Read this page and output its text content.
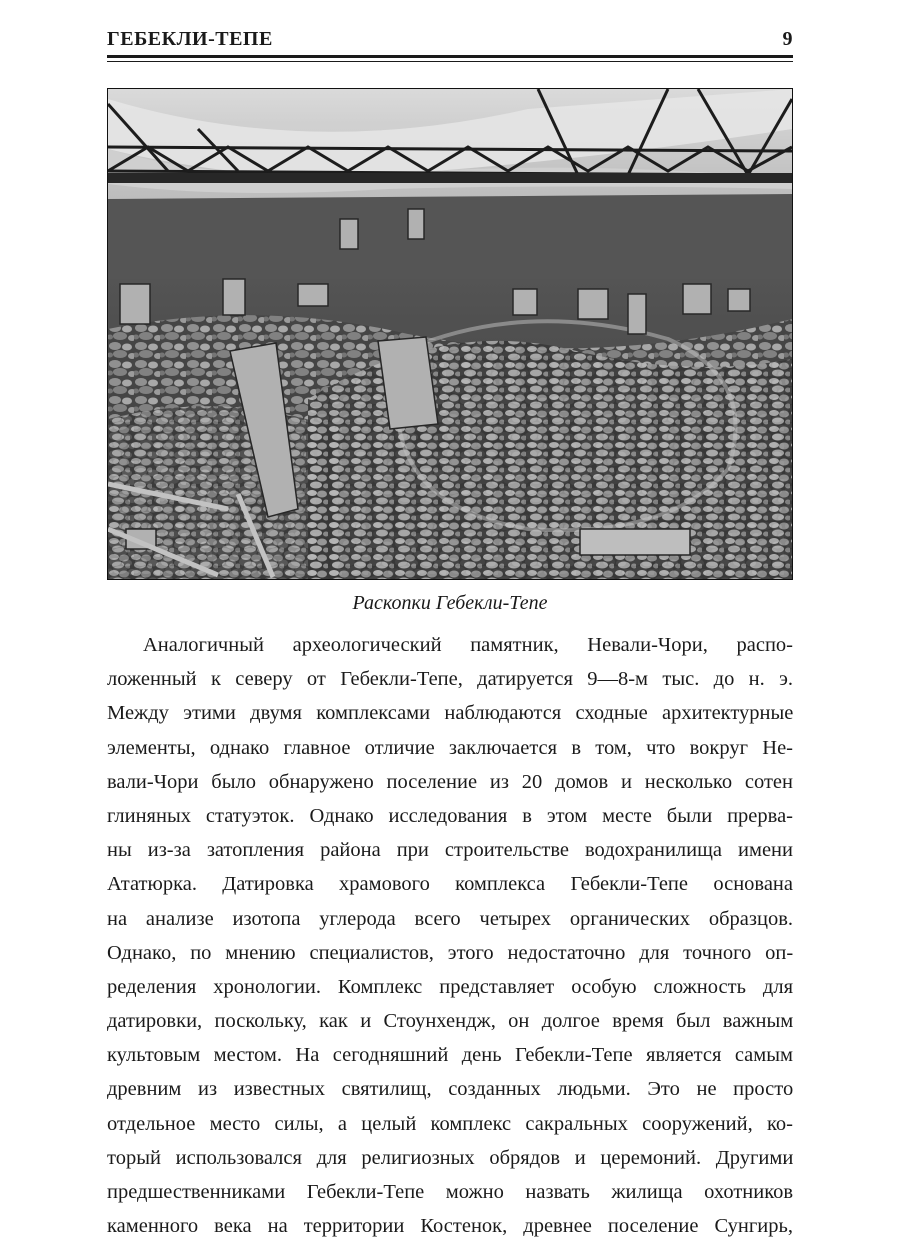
ГЕБЕКЛИ-ТЕПЕ	9
Раскопки Гебекли-Тепе
Аналогичный археологический памятник, Невали-Чори, распо-
ложенный к северу от Гебекли-Тепе, датируется 9—8-м тыс. до н. э.
Между этими двумя комплексами наблюдаются сходные архитектурные
элементы, однако главное отличие заключается в том, что вокруг Не-
вали-Чори было обнаружено поселение из 20 домов и несколько сотен
глиняных статуэток. Однако исследования в этом месте были прерва-
ны из-за затопления района при строительстве водохранилища имени
Ататюрка. Датировка храмового комплекса Гебекли-Тепе основана
на анализе изотопа углерода всего четырех органических образцов.
Однако, по мнению специалистов, этого недостаточно для точного оп-
ределения хронологии. Комплекс представляет особую сложность для
датировки, поскольку, как и Стоунхендж, он долгое время был важным
культовым местом. На сегодняшний день Гебекли-Тепе является самым
древним из известных святилищ, созданных людьми. Это не просто
отдельное место силы, а целый комплекс сакральных сооружений, ко-
торый использовался для религиозных обрядов и церемоний. Другими
предшественниками Гебекли-Тепе можно назвать жилища охотников
каменного века на территории Костенок, древнее поселение Сунгирь,
